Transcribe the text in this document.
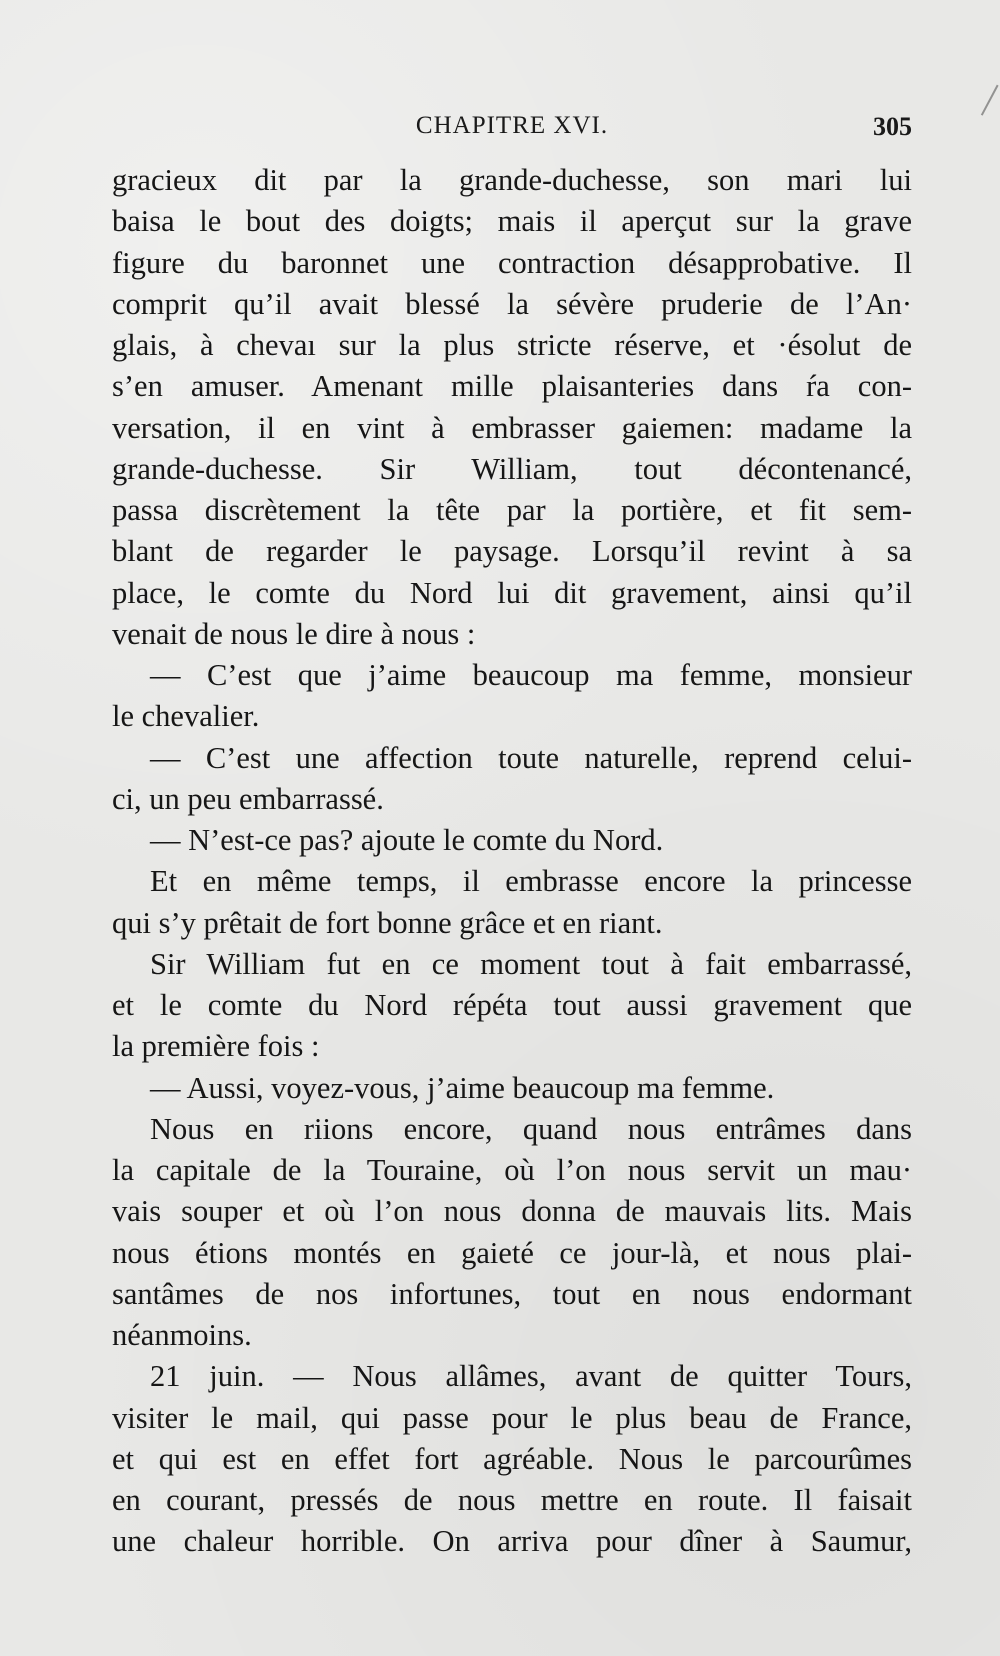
CHAPITRE XVI.	305
gracieux dit par la grande-duchesse, son mari lui
baisa le bout des doigts; mais il aperçut sur la grave
figure du baronnet une contraction désapprobative. Il
comprit qu’il avait blessé la sévère pruderie de l’An·
glais, à chevaı sur la plus stricte réserve, et ·ésolut de
s’en amuser. Amenant mille plaisanteries dans ŕa con-
versation, il en vint à embrasser gaiemen: madame la
grande-duchesse. Sir William, tout décontenancé,
passa discrètement la tête par la portière, et fit sem-
blant de regarder le paysage. Lorsqu’il revint à sa
place, le comte du Nord lui dit gravement, ainsi qu’il
venait de nous le dire à nous :
— C’est que j’aime beaucoup ma femme, monsieur
le chevalier.
— C’est une affection toute naturelle, reprend celui-
ci, un peu embarrassé.
— N’est-ce pas? ajoute le comte du Nord.
Et en même temps, il embrasse encore la princesse
qui s’y prêtait de fort bonne grâce et en riant.
Sir William fut en ce moment tout à fait embarrassé,
et le comte du Nord répéta tout aussi gravement que
la première fois :
— Aussi, voyez-vous, j’aime beaucoup ma femme.
Nous en riions encore, quand nous entrâmes dans
la capitale de la Touraine, où l’on nous servit un mau·
vais souper et où l’on nous donna de mauvais lits. Mais
nous étions montés en gaieté ce jour-là, et nous plai-
santâmes de nos infortunes, tout en nous endormant
néanmoins.
21 juin. — Nous allâmes, avant de quitter Tours,
visiter le mail, qui passe pour le plus beau de France,
et qui est en effet fort agréable. Nous le parcourûmes
en courant, pressés de nous mettre en route. Il faisait
une chaleur horrible. On arriva pour dîner à Saumur,
